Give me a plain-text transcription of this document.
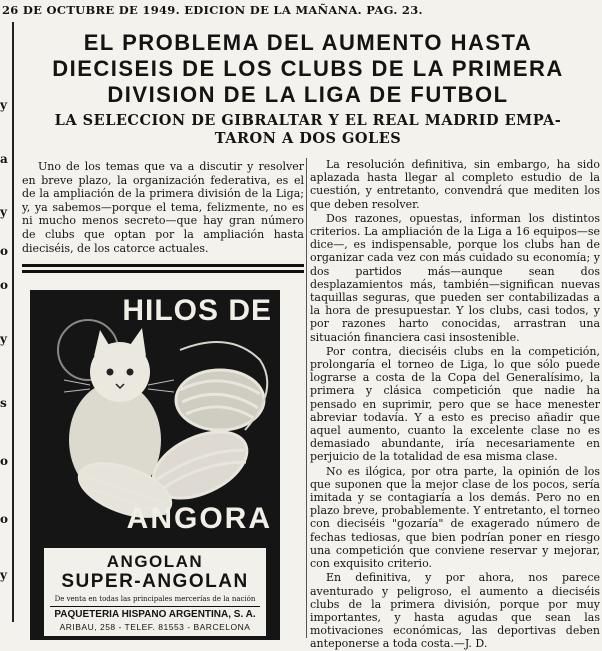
26 DE OCTUBRE DE 1949. EDICION DE LA MAÑANA. PAG. 23.
y
a
y
o
o
y
s
o
o
y
EL PROBLEMA DEL AUMENTO HASTA
DIECISEIS DE LOS CLUBS DE LA PRIMERA
DIVISION DE LA LIGA DE FUTBOL
LA SELECCION DE GIBRALTAR Y EL REAL MADRID EMPA-
TARON A DOS GOLES

Uno de los temas que va a discutir y resolver en breve plazo, la organización federativa, es el de la ampliación de la primera división de la Liga; y, ya sabemos—porque el tema, felizmente, no es ni mucho menos secreto—que hay gran número de clubs que optan por la ampliación hasta dieciséis, de los catorce actuales.

La resolución definitiva, sin embargo, ha sido aplazada hasta llegar al completo estudio de la cuestión, y entretanto, convendrá que mediten los que deben resolver.

Dos razones, opuestas, informan los distintos criterios. La ampliación de la Liga a 16 equipos—se dice—, es indispensable, porque los clubs han de organizar cada vez con más cuidado su economía; y dos partidos más—aunque sean dos desplazamientos más, también—significan nuevas taquillas seguras, que pueden ser contabilizadas a la hora de presupuestar. Y los clubs, casi todos, y por razones harto conocidas, arrastran una situación financiera casi insostenible.

Por contra, dieciséis clubs en la competición, prolongaría el torneo de Liga, lo que sólo puede lograrse a costa de la Copa del Generalísimo, la primera y clásica competición que nadie ha pensado en suprimir, pero que se hace menester abreviar todavía. Y a esto es preciso añadir que aquel aumento, cuanto la excelente clase no es demasiado abundante, iría necesariamente en perjuicio de la totalidad de esa misma clase.

No es ilógica, por otra parte, la opinión de los que suponen que la mejor clase de los pocos, sería imitada y se contagiaría a los demás. Pero no en plazo breve, probablemente. Y entretanto, el torneo con dieciséis "gozaría" de exagerado número de fechas tediosas, que bien podrían poner en riesgo una competición que conviene reservar y mejorar, con exquisito criterio.

En definitiva, y por ahora, nos parece aventurado y peligroso, el aumento a dieciséis clubs de la primera división, porque por muy importantes, y hasta agudas que sean las motivaciones económicas, las deportivas deben anteponerse a toda costa.—J. D.

HILOS DE
ANGORA
ANGOLAN
SUPER-ANGOLAN
De venta en todas las principales mercerías de la nación
PAQUETERIA HISPANO ARGENTINA, S. A.
ARIBAU, 258 - TELEF. 81553 - BARCELONA
